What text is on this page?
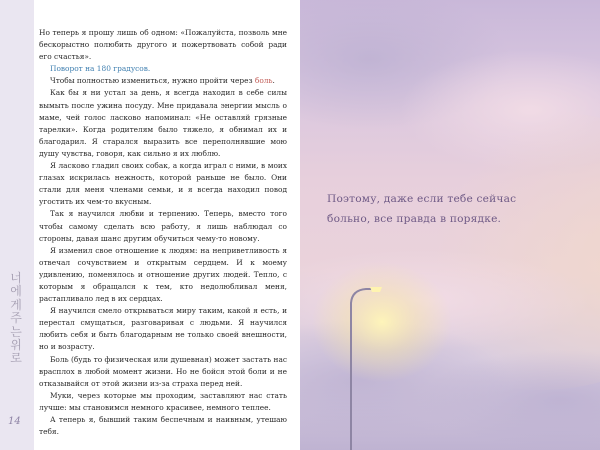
너
에
게
주
는
위
로
14

Но теперь я прошу лишь об одном: «Пожалуйста, позволь мне бескорыстно полюбить другого и пожертвовать собой ради его счастья».

Поворот на 180 градусов.

Чтобы полностью измениться, нужно пройти через боль.

Как бы я ни устал за день, я всегда находил в себе силы вымыть после ужина посуду. Мне придавала энергии мысль о маме, чей голос ласково напоминал: «Не оставляй грязные тарелки». Когда родителям было тяжело, я обнимал их и благодарил. Я старался выразить все переполнявшие мою душу чувства, говоря, как сильно я их люблю.

Я ласково гладил своих собак, а когда играл с ними, в моих глазах искрилась нежность, которой раньше не было. Они стали для меня членами семьи, и я всегда находил повод угостить их чем-то вкусным.

Так я научился любви и терпению. Теперь, вместо того чтобы самому сделать всю работу, я лишь наблюдал со стороны, давая шанс другим обучиться чему-то новому.

Я изменил свое отношение к людям: на неприветливость я отвечал сочувствием и открытым сердцем. И к моему удивлению, поменялось и отношение других людей. Тепло, с которым я обращался к тем, кто недолюбливал меня, растапливало лед в их сердцах.

Я научился смело открываться миру таким, какой я есть, и перестал смущаться, разговаривая с людьми. Я научился любить себя и быть благодарным не только своей внешности, но и возрасту.

Боль (будь то физическая или душевная) может застать нас врасплох в любой момент жизни. Но не бойся этой боли и не отказывайся от этой жизни из-за страха перед ней.

Муки, через которые мы проходим, заставляют нас стать лучше: мы становимся немного красивее, немного теплее.

А теперь я, бывший таким беспечным и наивным, утешаю тебя.

Поэтому, даже если тебе сейчас
больно, все правда в порядке.
